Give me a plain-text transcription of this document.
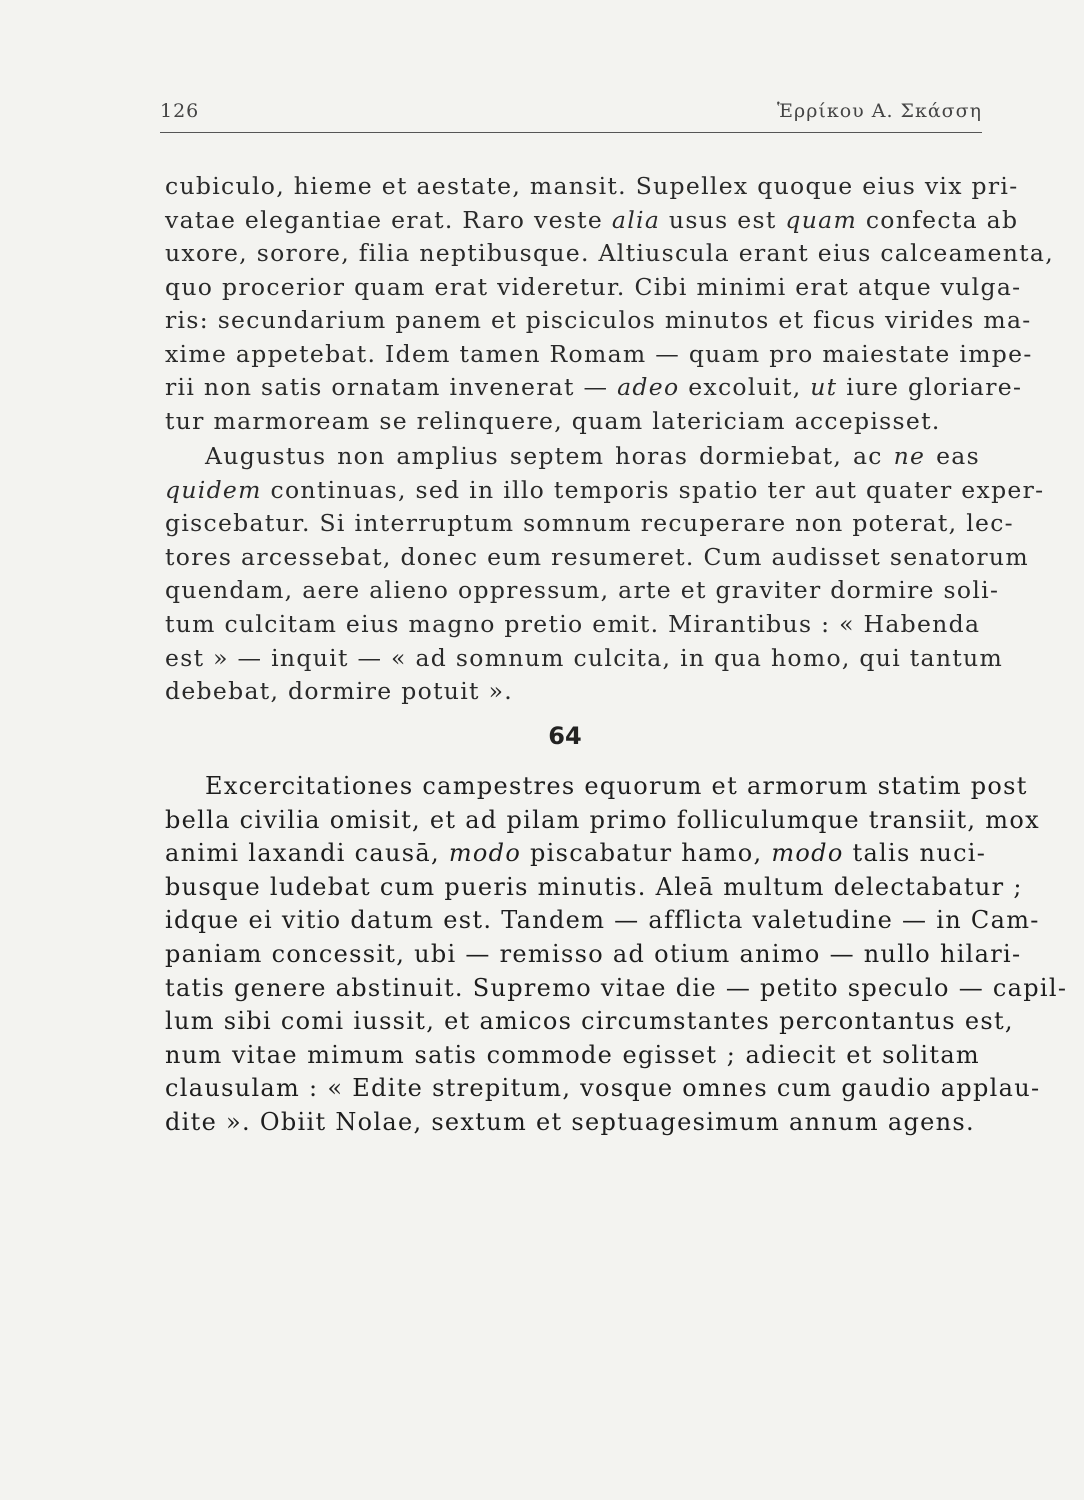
126	Ἑρρίκου Α. Σκάσση

cubiculo, hieme et aestate, mansit. Supellex quoque eius vix pri-
vatae elegantiae erat. Raro veste alia usus est quam confecta ab
uxore, sorore, filia neptibusque. Altiuscula erant eius calceamenta,
quo procerior quam erat videretur. Cibi minimi erat atque vulga-
ris: secundarium panem et pisciculos minutos et ficus virides ma-
xime appetebat. Idem tamen Romam — quam pro maiestate impe-
rii non satis ornatam invenerat — adeo excoluit, ut iure gloriare-
tur marmoream se relinquere, quam latericiam accepisset.

Augustus non amplius septem horas dormiebat, ac ne eas
quidem continuas, sed in illo temporis spatio ter aut quater exper-
giscebatur. Si interruptum somnum recuperare non poterat, lec-
tores arcessebat, donec eum resumeret. Cum audisset senatorum
quendam, aere alieno oppressum, arte et graviter dormire soli-
tum culcitam eius magno pretio emit. Mirantibus : « Habenda
est » — inquit — « ad somnum culcita, in qua homo, qui tantum
debebat, dormire potuit ».

64

Excercitationes campestres equorum et armorum statim post
bella civilia omisit, et ad pilam primo folliculumque transiit, mox
animi laxandi causā, modo piscabatur hamo, modo talis nuci-
busque ludebat cum pueris minutis. Aleā multum delectabatur ;
idque ei vitio datum est. Tandem — afflicta valetudine — in Cam-
paniam concessit, ubi — remisso ad otium animo — nullo hilari-
tatis genere abstinuit. Supremo vitae die — petito speculo — capil-
lum sibi comi iussit, et amicos circumstantes percontantus est,
num vitae mimum satis commode egisset ; adiecit et solitam
clausulam : « Edite strepitum, vosque omnes cum gaudio applau-
dite ». Obiit Nolae, sextum et septuagesimum annum agens.
